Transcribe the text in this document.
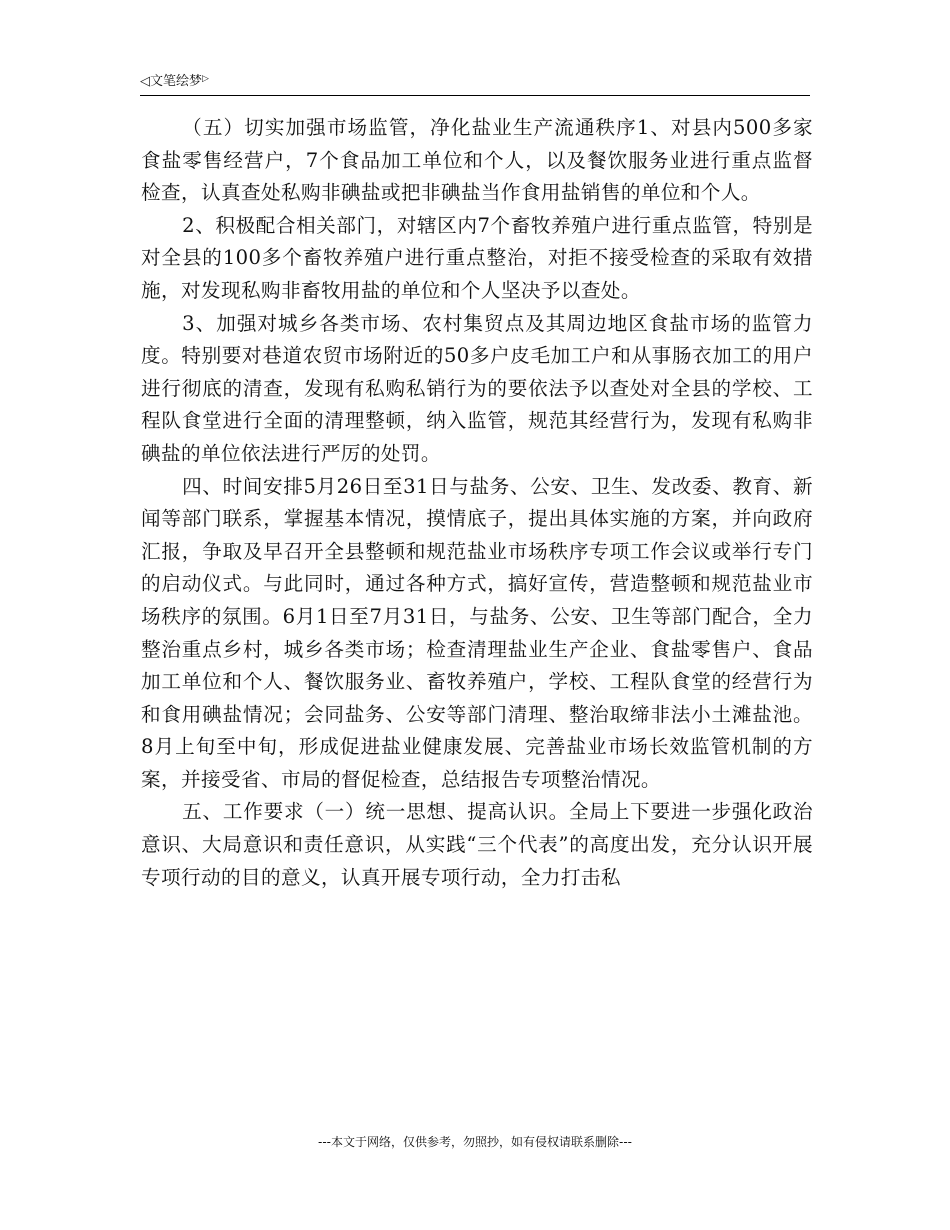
◁文笔绘梦▷

（五）切实加强市场监管，净化盐业生产流通秩序1、对县内500多家食盐零售经营户，7个食品加工单位和个人，以及餐饮服务业进行重点监督检查，认真查处私购非碘盐或把非碘盐当作食用盐销售的单位和个人。

2、积极配合相关部门，对辖区内7个畜牧养殖户进行重点监管，特别是对全县的100多个畜牧养殖户进行重点整治，对拒不接受检查的采取有效措施，对发现私购非畜牧用盐的单位和个人坚决予以查处。

3、加强对城乡各类市场、农村集贸点及其周边地区食盐市场的监管力度。特别要对巷道农贸市场附近的50多户皮毛加工户和从事肠衣加工的用户进行彻底的清查，发现有私购私销行为的要依法予以查处对全县的学校、工程队食堂进行全面的清理整顿，纳入监管，规范其经营行为，发现有私购非碘盐的单位依法进行严厉的处罚。

四、时间安排5月26日至31日与盐务、公安、卫生、发改委、教育、新闻等部门联系，掌握基本情况，摸情底子，提出具体实施的方案，并向政府汇报，争取及早召开全县整顿和规范盐业市场秩序专项工作会议或举行专门的启动仪式。与此同时，通过各种方式，搞好宣传，营造整顿和规范盐业市场秩序的氛围。6月1日至7月31日，与盐务、公安、卫生等部门配合，全力整治重点乡村，城乡各类市场；检查清理盐业生产企业、食盐零售户、食品加工单位和个人、餐饮服务业、畜牧养殖户，学校、工程队食堂的经营行为和食用碘盐情况；会同盐务、公安等部门清理、整治取缔非法小土滩盐池。8月上旬至中旬，形成促进盐业健康发展、完善盐业市场长效监管机制的方案，并接受省、市局的督促检查，总结报告专项整治情况。

五、工作要求（一）统一思想、提高认识。全局上下要进一步强化政治意识、大局意识和责任意识，从实践“三个代表”的高度出发，充分认识开展专项行动的目的意义，认真开展专项行动，全力打击私

---本文于网络，仅供参考，勿照抄，如有侵权请联系删除---
